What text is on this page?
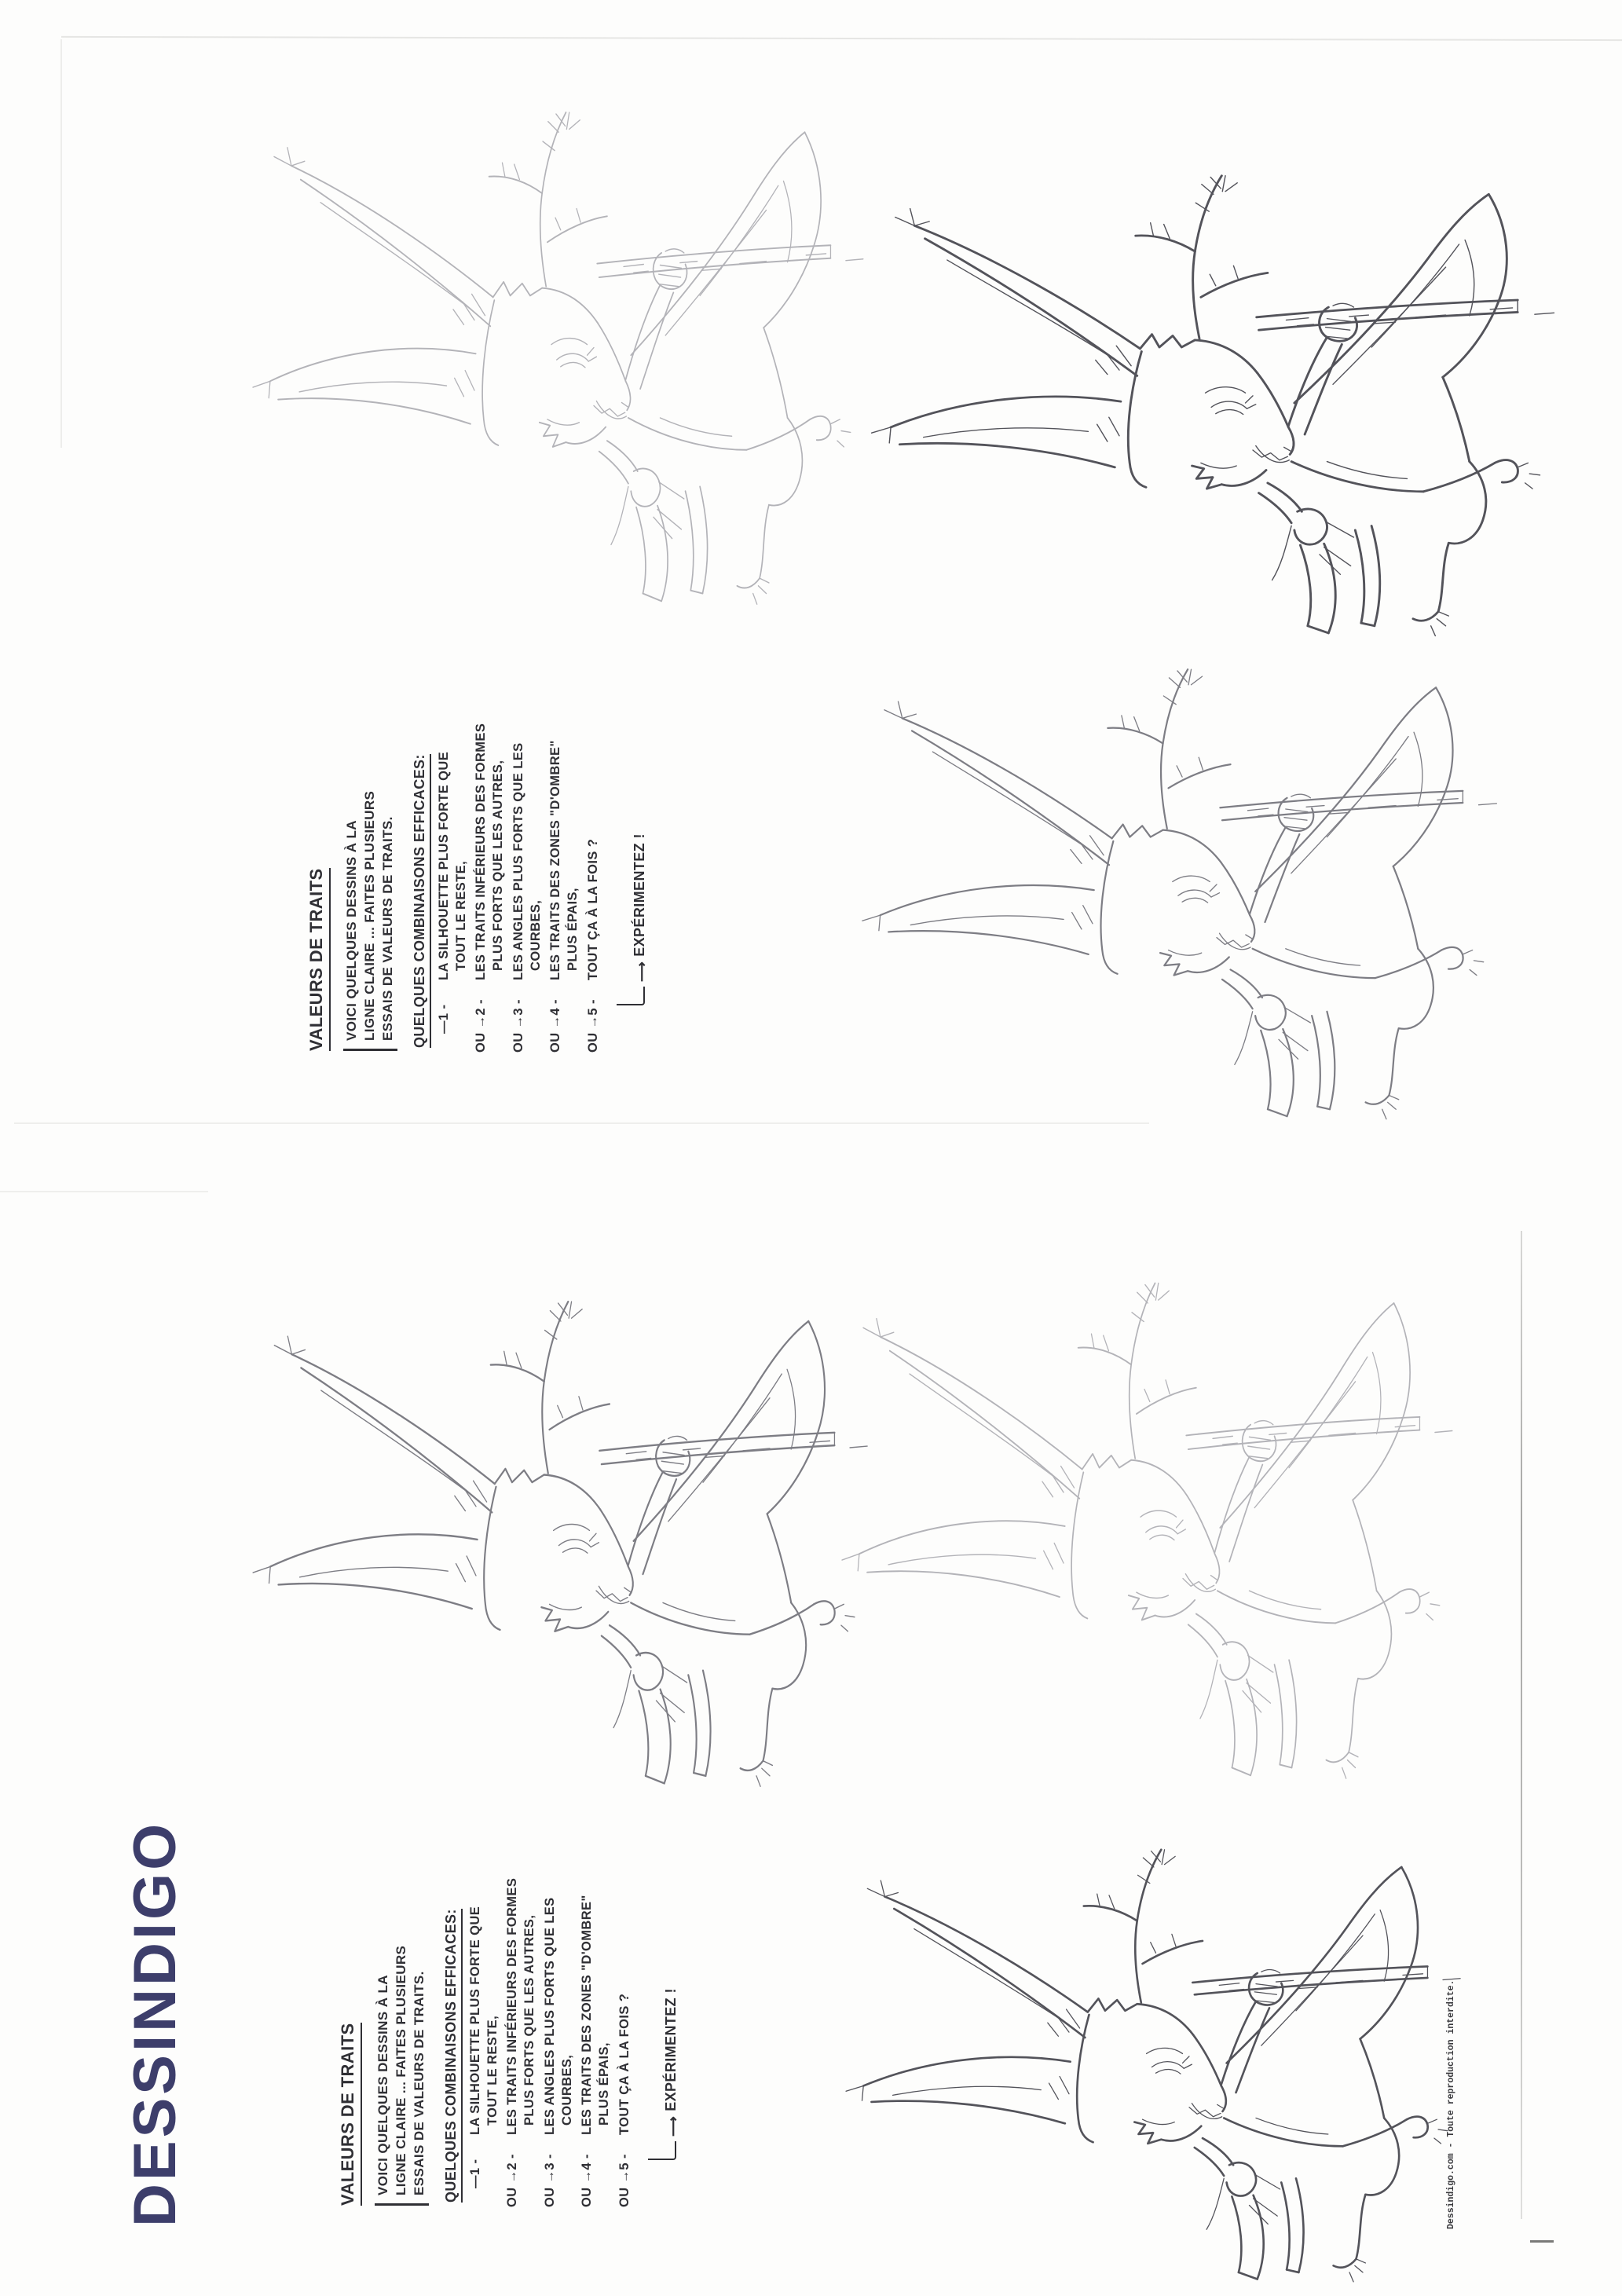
VALEURS DE TRAITS VOICI QUELQUES DESSINS À LA LIGNE CLAIRE ... FAITES PLUSIEURS ESSAIS DE VALEURS DE TRAITS. QUELQUES COMBINAISONS EFFICACES: —1 -
LA SILHOUETTE PLUS FORTE QUE TOUT LE RESTE,
OU →2 -
LES TRAITS INFÉRIEURS DES FORMES PLUS FORTS QUE LES AUTRES,
OU →3 -
LES ANGLES PLUS FORTS QUE LES COURBES,
OU →4 -
LES TRAITS DES ZONES "D'OMBRE" PLUS ÉPAIS,
OU →5 -
TOUT ÇA À LA FOIS ? ⟶
EXPÉRIMENTEZ !
VALEURS DE TRAITS VOICI QUELQUES DESSINS À LA LIGNE CLAIRE ... FAITES PLUSIEURS ESSAIS DE VALEURS DE TRAITS. QUELQUES COMBINAISONS EFFICACES: —1 -
LA SILHOUETTE PLUS FORTE QUE TOUT LE RESTE,
OU →2 -
LES TRAITS INFÉRIEURS DES FORMES PLUS FORTS QUE LES AUTRES,
OU →3 -
LES ANGLES PLUS FORTS QUE LES COURBES,
OU →4 -
LES TRAITS DES ZONES "D'OMBRE" PLUS ÉPAIS,
OU →5 -
TOUT ÇA À LA FOIS ? ⟶
EXPÉRIMENTEZ !
DESSINDIGO	Dessindigo.com - Toute reproduction interdite.
